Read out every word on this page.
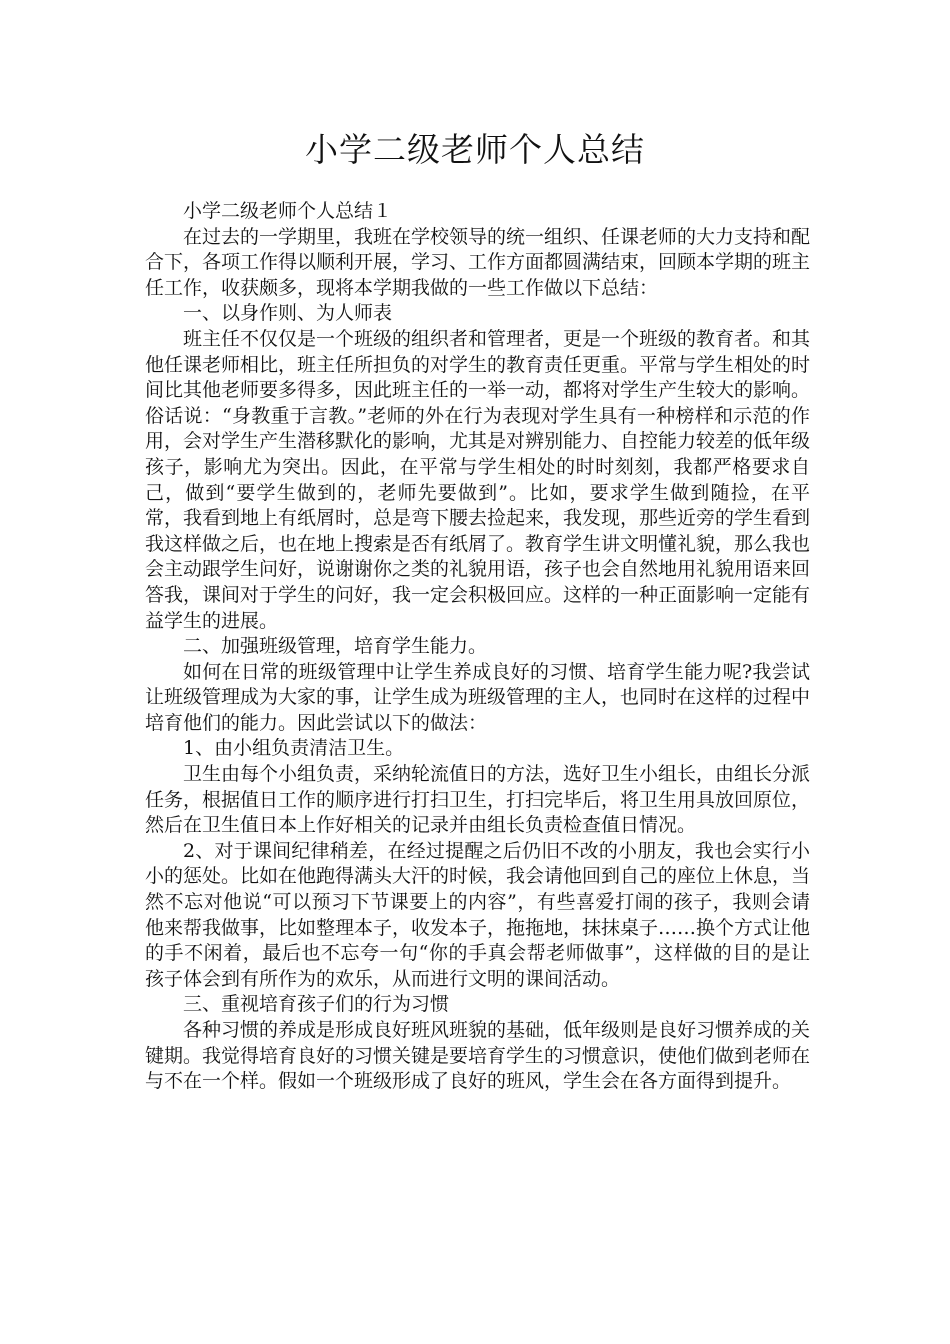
小学二级老师个人总结

小学二级老师个人总结１

在过去的一学期里，我班在学校领导的统一组织、任课老师的大力支持和配合下，各项工作得以顺利开展，学习、工作方面都圆满结束，回顾本学期的班主任工作，收获颇多，现将本学期我做的一些工作做以下总结：

一、以身作则、为人师表

班主任不仅仅是一个班级的组织者和管理者，更是一个班级的教育者。和其他任课老师相比，班主任所担负的对学生的教育责任更重。平常与学生相处的时间比其他老师要多得多，因此班主任的一举一动，都将对学生产生较大的影响。俗话说：“身教重于言教。”老师的外在行为表现对学生具有一种榜样和示范的作用，会对学生产生潜移默化的影响，尤其是对辨别能力、自控能力较差的低年级孩子，影响尤为突出。因此，在平常与学生相处的时时刻刻，我都严格要求自己，做到“要学生做到的，老师先要做到”。比如，要求学生做到随捡，在平常，我看到地上有纸屑时，总是弯下腰去捡起来，我发现，那些近旁的学生看到我这样做之后，也在地上搜索是否有纸屑了。教育学生讲文明懂礼貌，那么我也会主动跟学生问好，说谢谢你之类的礼貌用语，孩子也会自然地用礼貌用语来回答我，课间对于学生的问好，我一定会积极回应。这样的一种正面影响一定能有益学生的进展。

二、加强班级管理，培育学生能力。

如何在日常的班级管理中让学生养成良好的习惯、培育学生能力呢?我尝试让班级管理成为大家的事，让学生成为班级管理的主人，也同时在这样的过程中培育他们的能力。因此尝试以下的做法：

1、由小组负责清洁卫生。

卫生由每个小组负责，采纳轮流值日的方法，选好卫生小组长，由组长分派任务，根据值日工作的顺序进行打扫卫生，打扫完毕后，将卫生用具放回原位，然后在卫生值日本上作好相关的记录并由组长负责检查值日情况。

2、对于课间纪律稍差，在经过提醒之后仍旧不改的小朋友，我也会实行小小的惩处。比如在他跑得满头大汗的时候，我会请他回到自己的座位上休息，当然不忘对他说“可以预习下节课要上的内容”，有些喜爱打闹的孩子，我则会请他来帮我做事，比如整理本子，收发本子，拖拖地，抹抹桌子……换个方式让他的手不闲着，最后也不忘夸一句“你的手真会帮老师做事”，这样做的目的是让孩子体会到有所作为的欢乐，从而进行文明的课间活动。

三、重视培育孩子们的行为习惯

各种习惯的养成是形成良好班风班貌的基础，低年级则是良好习惯养成的关键期。我觉得培育良好的习惯关键是要培育学生的习惯意识，使他们做到老师在与不在一个样。假如一个班级形成了良好的班风，学生会在各方面得到提升。
